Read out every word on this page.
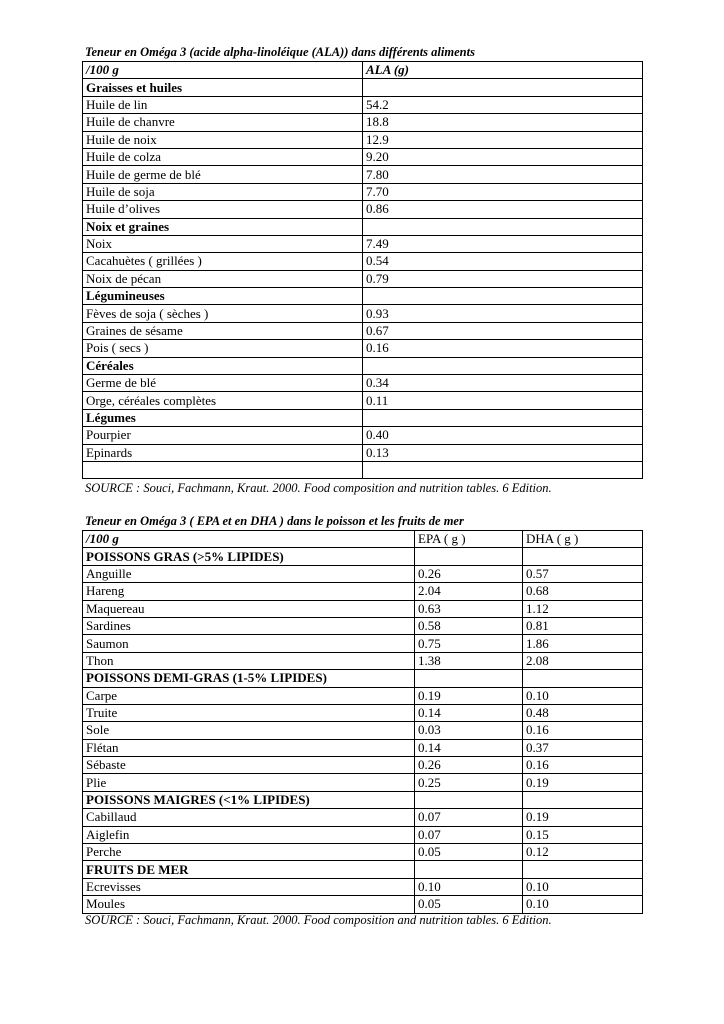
Teneur en Oméga 3 (acide alpha-linoléique (ALA)) dans différents aliments
/100 g	ALA (g)
Graisses et huiles	
Huile de lin	54.2
Huile de chanvre	18.8
Huile de noix	12.9
Huile de colza	9.20
Huile de germe de blé	7.80
Huile de soja	7.70
Huile d’olives	0.86
Noix et graines	
Noix	7.49
Cacahuètes ( grillées )	0.54
Noix de pécan	0.79
Légumineuses	
Fèves de soja ( sèches )	0.93
Graines de sésame	0.67
Pois ( secs )	0.16
Céréales	
Germe de blé	0.34
Orge, céréales complètes	0.11
Légumes	
Pourpier	0.40
Epinards	0.13

SOURCE : Souci, Fachmann, Kraut. 2000. Food composition and nutrition tables. 6 Edition.
Teneur en Oméga 3 ( EPA et en DHA ) dans le poisson et les fruits de mer
/100 g	EPA ( g )	DHA ( g )
POISSONS GRAS (>5% LIPIDES)		
Anguille	0.26	0.57
Hareng	2.04	0.68
Maquereau	0.63	1.12
Sardines	0.58	0.81
Saumon	0.75	1.86
Thon	1.38	2.08
POISSONS DEMI-GRAS (1-5% LIPIDES)		
Carpe	0.19	0.10
Truite	0.14	0.48
Sole	0.03	0.16
Flétan	0.14	0.37
Sébaste	0.26	0.16
Plie	0.25	0.19
POISSONS MAIGRES (<1% LIPIDES)		
Cabillaud	0.07	0.19
Aiglefin	0.07	0.15
Perche	0.05	0.12
FRUITS DE MER		
Ecrevisses	0.10	0.10
Moules	0.05	0.10
SOURCE : Souci, Fachmann, Kraut. 2000. Food composition and nutrition tables. 6 Edition.
